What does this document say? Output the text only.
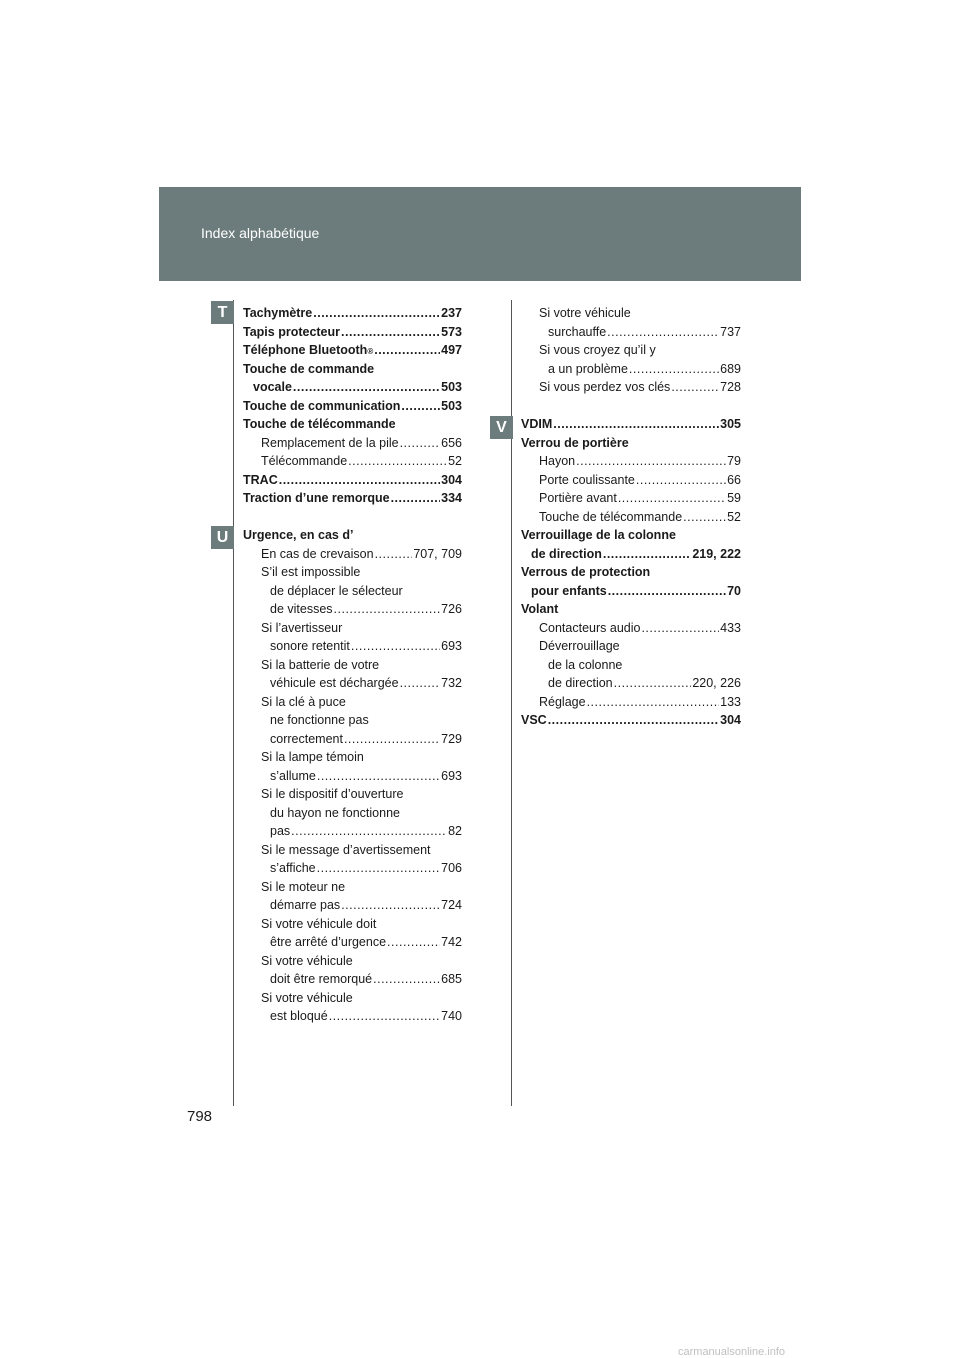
Index alphabétique
T
U
V
Tachymètre .....	237
Tapis protecteur .....	573
Téléphone Bluetooth ® .....	497
Touche de commande
vocale .....	503
Touche de communication .....	503
Touche de télécommande
Remplacement de la pile .....	656
Télécommande .....	52
TRAC .....	304
Traction d’une remorque .....	334
Urgence, en cas d’
En cas de crevaison .....	707, 709
S’il est impossible
de déplacer le sélecteur
de vitesses .....	726
Si l’avertisseur
sonore retentit .....	693
Si la batterie de votre
véhicule est déchargée .....	732
Si la clé à puce
ne fonctionne pas
correctement .....	729
Si la lampe témoin
s’allume .....	693
Si le dispositif d’ouverture
du hayon ne fonctionne
pas .....	82
Si le message d’avertissement
s’affiche .....	706
Si le moteur ne
démarre pas .....	724
Si votre véhicule doit
être arrêté d’urgence .....	742
Si votre véhicule
doit être remorqué .....	685
Si votre véhicule
est bloqué .....	740
Si votre véhicule
surchauffe .....	737
Si vous croyez qu’il y
a un problème .....	689
Si vous perdez vos clés .....	728
VDIM .....	305
Verrou de portière
Hayon .....	79
Porte coulissante .....	66
Portière avant .....	59
Touche de télécommande .....	52
Verrouillage de la colonne
de direction .....	219, 222
Verrous de protection
pour enfants .....	70
Volant
Contacteurs audio .....	433
Déverrouillage
de la colonne
de direction .....	220, 226
Réglage .....	133
VSC .....	304
798
carmanualsonline.info
